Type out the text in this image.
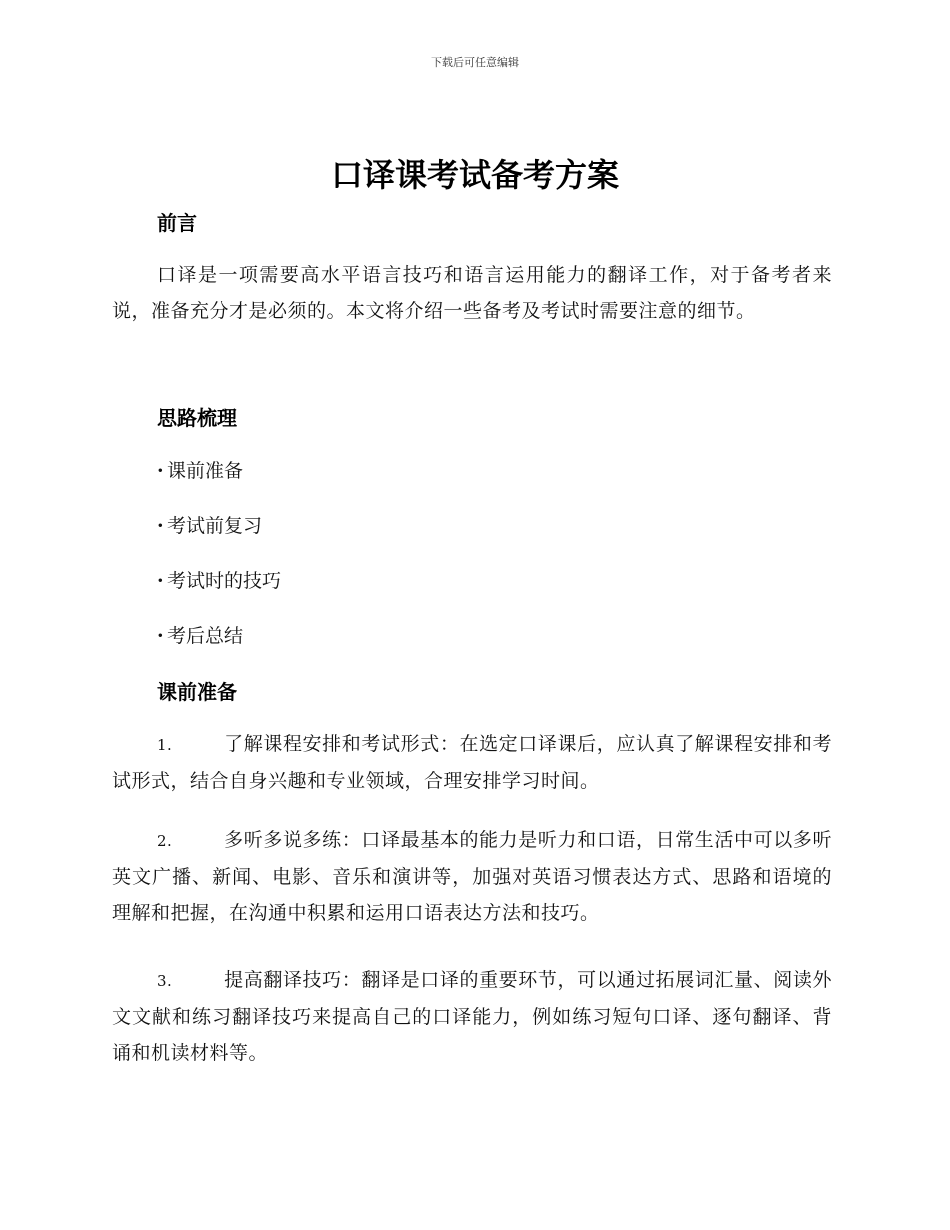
下载后可任意编辑
口译课考试备考方案
前言
口译是一项需要高水平语言技巧和语言运用能力的翻译工作，对于备考者来说，准备充分才是必须的。本文将介绍一些备考及考试时需要注意的细节。
思路梳理
· 课前准备
· 考试前复习
· 考试时的技巧
· 考后总结
课前准备
1.	了解课程安排和考试形式：在选定口译课后，应认真了解课程安排和考试形式，结合自身兴趣和专业领域，合理安排学习时间。
2.	多听多说多练：口译最基本的能力是听力和口语，日常生活中可以多听英文广播、新闻、电影、音乐和演讲等，加强对英语习惯表达方式、思路和语境的理解和把握，在沟通中积累和运用口语表达方法和技巧。
3.	提高翻译技巧：翻译是口译的重要环节，可以通过拓展词汇量、阅读外文文献和练习翻译技巧来提高自己的口译能力，例如练习短句口译、逐句翻译、背诵和机读材料等。
